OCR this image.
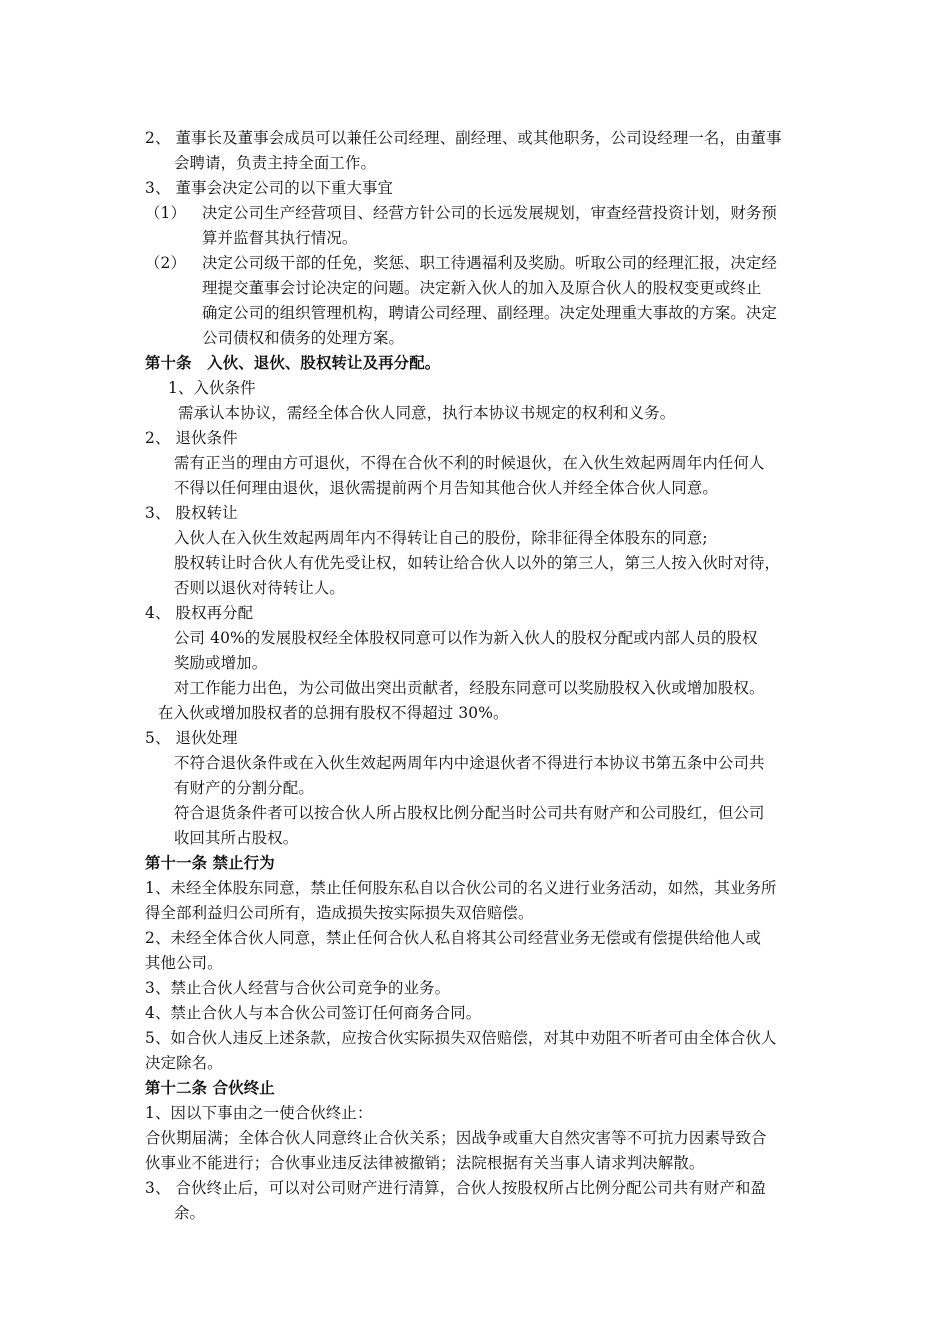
2、 董事长及董事会成员可以兼任公司经理、副经理、或其他职务，公司设经理一名，由董事
会聘请，负责主持全面工作。
3、 董事会决定公司的以下重大事宜
（1） 决定公司生产经营项目、经营方针公司的长远发展规划，审查经营投资计划，财务预
算并监督其执行情况。
（2） 决定公司级干部的任免，奖惩、职工待遇福利及奖励。听取公司的经理汇报，决定经
理提交董事会讨论决定的问题。决定新入伙人的加入及原合伙人的股权变更或终止
确定公司的组织管理机构，聘请公司经理、副经理。决定处理重大事故的方案。决定
公司债权和债务的处理方案。
第十条　入伙、退伙、股权转让及再分配。
1、入伙条件
需承认本协议，需经全体合伙人同意，执行本协议书规定的权利和义务。
2、 退伙条件
需有正当的理由方可退伙，不得在合伙不利的时候退伙，在入伙生效起两周年内任何人
不得以任何理由退伙，退伙需提前两个月告知其他合伙人并经全体合伙人同意。
3、 股权转让
入伙人在入伙生效起两周年内不得转让自己的股份，除非征得全体股东的同意;
股权转让时合伙人有优先受让权，如转让给合伙人以外的第三人，第三人按入伙时对待，
否则以退伙对待转让人。
4、 股权再分配
公司 40%的发展股权经全体股权同意可以作为新入伙人的股权分配或内部人员的股权
奖励或增加。
对工作能力出色，为公司做出突出贡献者，经股东同意可以奖励股权入伙或增加股权。
在入伙或增加股权者的总拥有股权不得超过 30%。
5、 退伙处理
不符合退伙条件或在入伙生效起两周年内中途退伙者不得进行本协议书第五条中公司共
有财产的分割分配。
符合退货条件者可以按合伙人所占股权比例分配当时公司共有财产和公司股红，但公司
收回其所占股权。
第十一条 禁止行为
1、未经全体股东同意，禁止任何股东私自以合伙公司的名义进行业务活动，如然，其业务所
得全部利益归公司所有，造成损失按实际损失双倍赔偿。
2、未经全体合伙人同意，禁止任何合伙人私自将其公司经营业务无偿或有偿提供给他人或
其他公司。
3、禁止合伙人经营与合伙公司竞争的业务。
4、禁止合伙人与本合伙公司签订任何商务合同。
5、如合伙人违反上述条款，应按合伙实际损失双倍赔偿，对其中劝阻不听者可由全体合伙人
决定除名。
第十二条 合伙终止
1、因以下事由之一使合伙终止：
合伙期届满；全体合伙人同意终止合伙关系；因战争或重大自然灾害等不可抗力因素导致合
伙事业不能进行；合伙事业违反法律被撤销；法院根据有关当事人请求判决解散。
3、 合伙终止后，可以对公司财产进行清算，合伙人按股权所占比例分配公司共有财产和盈
余。
